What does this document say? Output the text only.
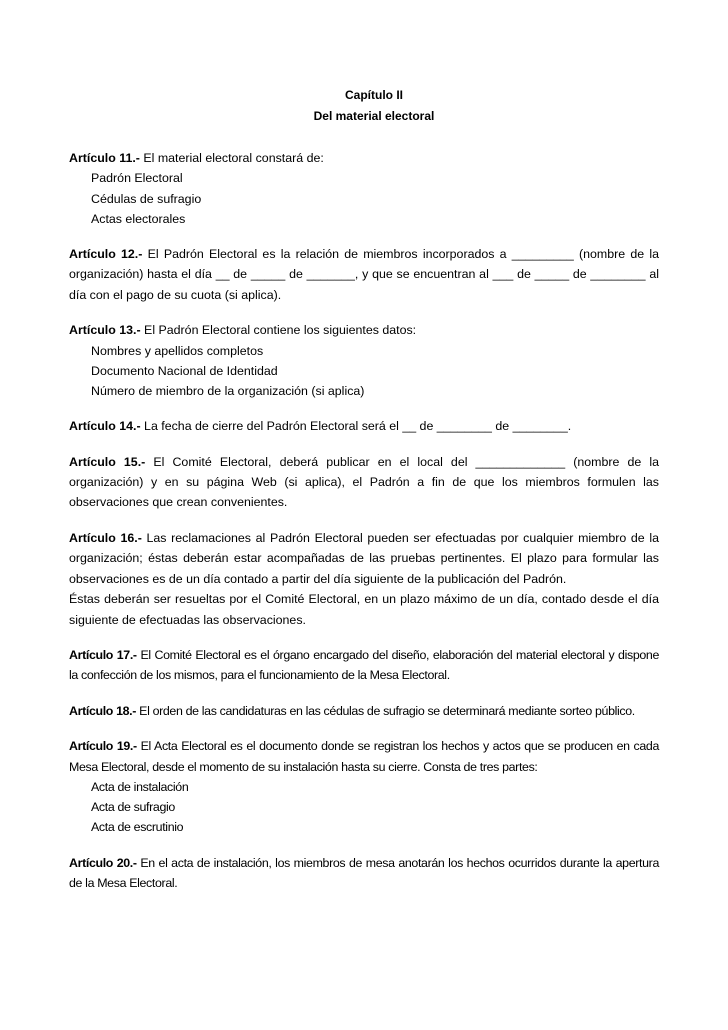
Capítulo II
Del material electoral

Artículo 11.- El material electoral constará de:

Padrón Electoral
Cédulas de sufragio
Actas electorales

Artículo 12.- El Padrón Electoral es la relación de miembros incorporados a _________ (nombre de la organización) hasta el día __ de _____ de _______, y que se encuentran al ___ de _____ de ________ al día con el pago de su cuota (si aplica).

Artículo 13.- El Padrón Electoral contiene los siguientes datos:

Nombres y apellidos completos
Documento Nacional de Identidad
Número de miembro de la organización (si aplica)

Artículo 14.- La fecha de cierre del Padrón Electoral será el __ de ________ de ________.

Artículo 15.- El Comité Electoral, deberá publicar en el local del _____________ (nombre de la organización) y en su página Web (si aplica), el Padrón a fin de que los miembros formulen las observaciones que crean convenientes.

Artículo 16.- Las reclamaciones al Padrón Electoral pueden ser efectuadas por cualquier miembro de la organización; éstas deberán estar acompañadas de las pruebas pertinentes. El plazo para formular las observaciones es de un día contado a partir del día siguiente de la publicación del Padrón.

Éstas deberán ser resueltas por el Comité Electoral, en un plazo máximo de un día, contado desde el día siguiente de efectuadas las observaciones.

Artículo 17.- El Comité Electoral es el órgano encargado del diseño, elaboración del material electoral y dispone la confección de los mismos, para el funcionamiento de la Mesa Electoral.

Artículo 18.- El orden de las candidaturas en las cédulas de sufragio se determinará mediante sorteo público.

Artículo 19.- El Acta Electoral es el documento donde se registran los hechos y actos que se producen en cada Mesa Electoral, desde el momento de su instalación hasta su cierre. Consta de tres partes:

Acta de instalación
Acta de sufragio
Acta de escrutinio

Artículo 20.- En el acta de instalación, los miembros de mesa anotarán los hechos ocurridos durante la apertura de la Mesa Electoral.
